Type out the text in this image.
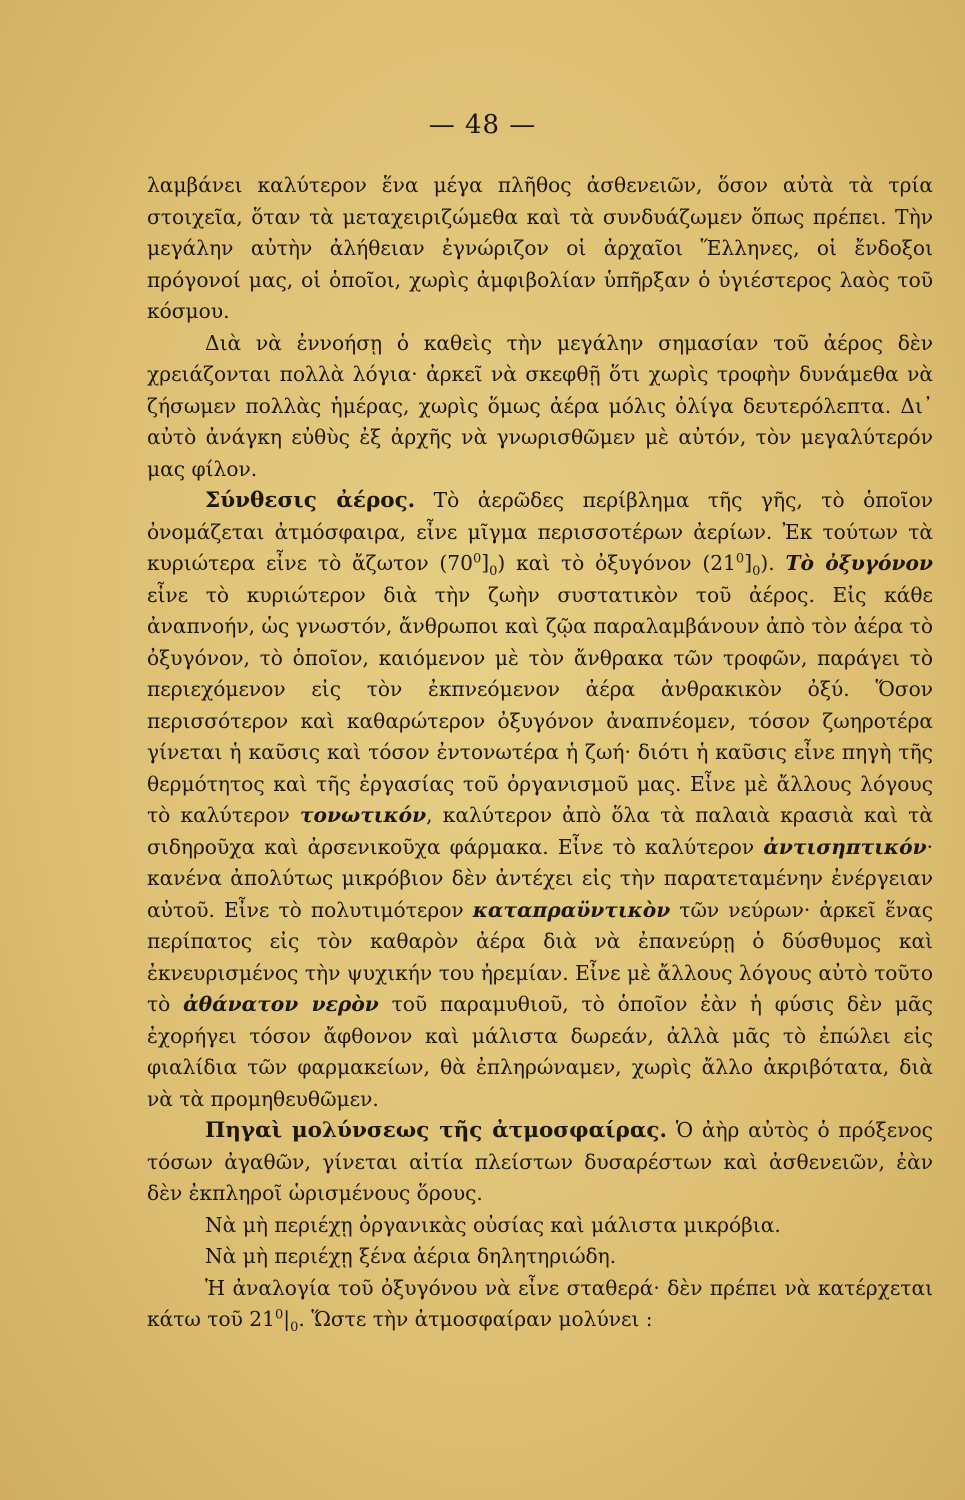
— 48 —

λαμβάνει καλύτερον ἕνα μέγα πλῆθος ἀσθενειῶν, ὅσον αὐτὰ τὰ τρία στοιχεῖα, ὅταν τὰ μεταχειριζώμεθα καὶ τὰ συνδυάζωμεν ὅπως πρέπει. Τὴν μεγάλην αὐτὴν ἀλήθειαν ἐγνώριζον οἱ ἀρχαῖοι Ἕλληνες, οἱ ἔνδοξοι πρόγονοί μας, οἱ ὁποῖοι, χωρὶς ἀμφιβολίαν ὑπῆρξαν ὁ ὑγιέστερος λαὸς τοῦ κόσμου.

Διὰ νὰ ἐννοήσῃ ὁ καθεὶς τὴν μεγάλην σημασίαν τοῦ ἀέρος δὲν χρειάζονται πολλὰ λόγια· ἀρκεῖ νὰ σκεφθῇ ὅτι χωρὶς τροφὴν δυνάμεθα νὰ ζήσωμεν πολλὰς ἡμέρας, χωρὶς ὅμως ἀέρα μόλις ὀλίγα δευτερόλεπτα. Δι᾿ αὐτὸ ἀνάγκη εὐθὺς ἐξ ἀρχῆς νὰ γνωρισθῶμεν μὲ αὐτόν, τὸν μεγαλύτερόν μας φίλον.

Σύνθεσις ἀέρος. Τὸ ἀερῶδες περίβλημα τῆς γῆς, τὸ ὁποῖον ὀνομάζεται ἀτμόσφαιρα, εἶνε μῖγμα περισσοτέρων ἀερίων. Ἐκ τούτων τὰ κυριώτερα εἶνε τὸ ἄζωτον $(70^0]_0$) καὶ τὸ ὀξυγόνον $(21^0]_0$). Τὸ ὀξυγόνον εἶνε τὸ κυριώτερον διὰ τὴν ζωὴν συστατικὸν τοῦ ἀέρος. Εἰς κάθε ἀναπνοήν, ὡς γνωστόν, ἄνθρωποι καὶ ζῷα παραλαμβάνουν ἀπὸ τὸν ἀέρα τὸ ὀξυγόνον, τὸ ὁποῖον, καιόμενον μὲ τὸν ἄνθρακα τῶν τροφῶν, παράγει τὸ περιεχόμενον εἰς τὸν ἐκπνεόμενον ἀέρα ἀνθρακικὸν ὀξύ. Ὅσον περισσότερον καὶ καθαρώτερον ὀξυγόνον ἀναπνέομεν, τόσον ζωηροτέρα γίνεται ἡ καῦσις καὶ τόσον ἐντονωτέρα ἡ ζωή· διότι ἡ καῦσις εἶνε πηγὴ τῆς θερμότητος καὶ τῆς ἐργασίας τοῦ ὀργανισμοῦ μας. Εἶνε μὲ ἄλλους λόγους τὸ καλύτερον τονωτικόν, καλύτερον ἀπὸ ὅλα τὰ παλαιὰ κρασιὰ καὶ τὰ σιδηροῦχα καὶ ἀρσενικοῦχα φάρμακα. Εἶνε τὸ καλύτερον ἀντισηπτικόν· κανένα ἀπολύτως μικρόβιον δὲν ἀντέχει εἰς τὴν παρατεταμένην ἐνέργειαν αὐτοῦ. Εἶνε τὸ πολυτιμότερον καταπραϋντικὸν τῶν νεύρων· ἀρκεῖ ἕνας περίπατος εἰς τὸν καθαρὸν ἀέρα διὰ νὰ ἐπανεύρῃ ὁ δύσθυμος καὶ ἐκνευρισμένος τὴν ψυχικήν του ἠρεμίαν. Εἶνε μὲ ἄλλους λόγους αὐτὸ τοῦτο τὸ ἀθάνατον νερὸν τοῦ παραμυθιοῦ, τὸ ὁποῖον ἐὰν ἡ φύσις δὲν μᾶς ἐχορήγει τόσον ἄφθονον καὶ μάλιστα δωρεάν, ἀλλὰ μᾶς τὸ ἐπώλει εἰς φιαλίδια τῶν φαρμακείων, θὰ ἐπληρώναμεν, χωρὶς ἄλλο ἀκριβότατα, διὰ νὰ τὰ προμηθευθῶμεν.

Πηγαὶ μολύνσεως τῆς ἀτμοσφαίρας. Ὁ ἀὴρ αὐτὸς ὁ πρόξενος τόσων ἀγαθῶν, γίνεται αἰτία πλείστων δυσαρέστων καὶ ἀσθενειῶν, ἐὰν δὲν ἐκπληροῖ ὡρισμένους ὅρους.

Νὰ μὴ περιέχῃ ὀργανικὰς οὐσίας καὶ μάλιστα μικρόβια.

Νὰ μὴ περιέχῃ ξένα ἀέρια δηλητηριώδη.

Ἡ ἀναλογία τοῦ ὀξυγόνου νὰ εἶνε σταθερά· δὲν πρέπει νὰ κατέρχεται κάτω τοῦ $21^0|_0$. Ὥστε τὴν ἀτμοσφαίραν μολύνει :
